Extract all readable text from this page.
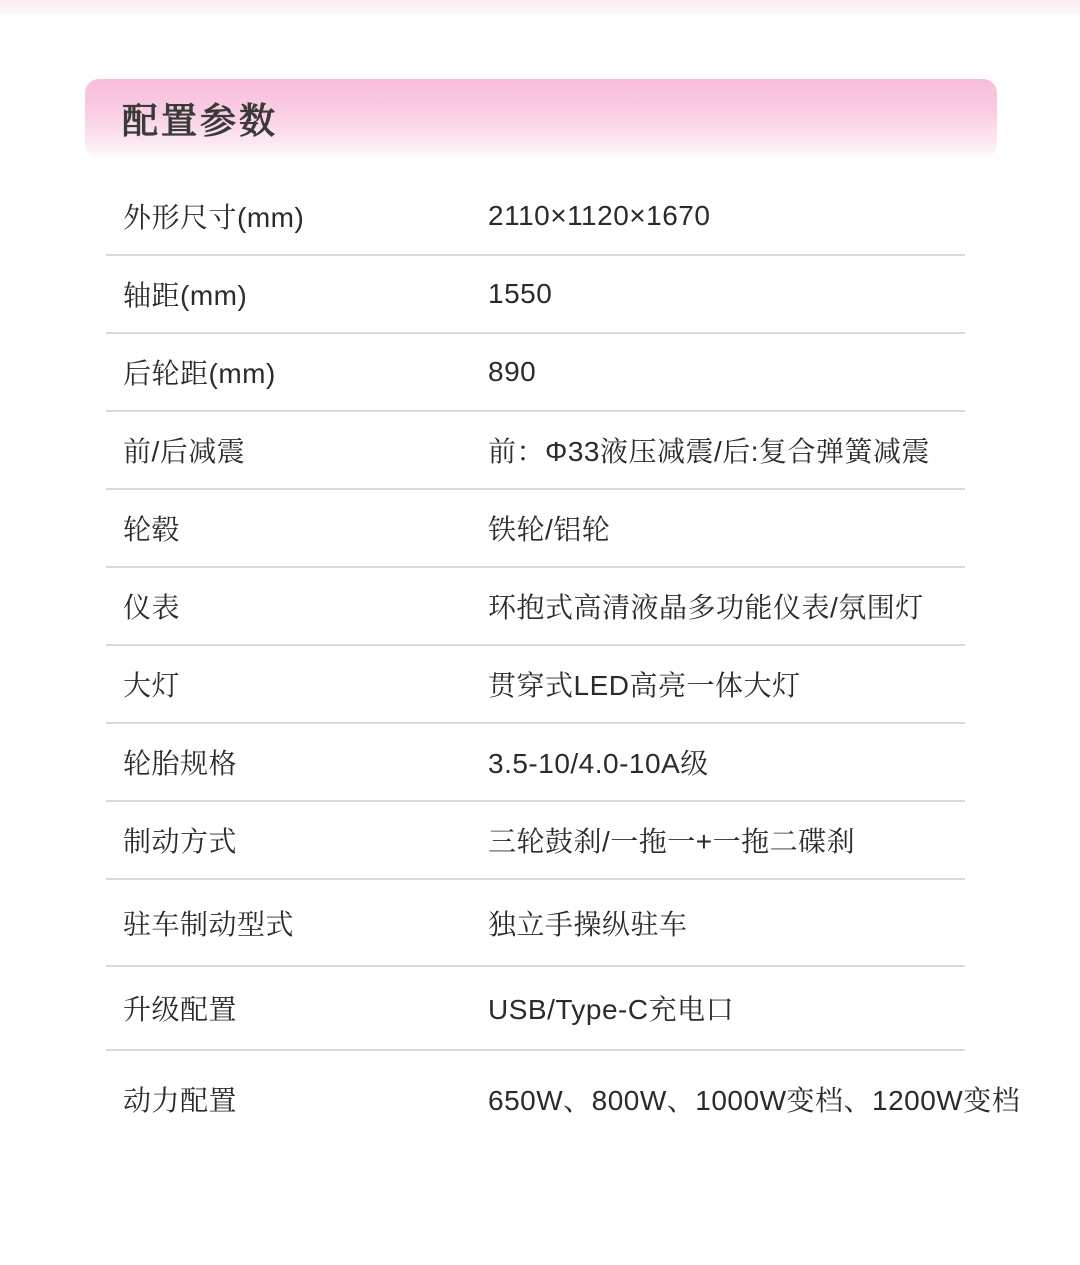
配置参数
外形尺寸(mm)	2110×1120×1670
轴距(mm)	1550
后轮距(mm)	890
前/后减震	前：Φ33液压减震/后:复合弹簧减震
轮毂	铁轮/铝轮
仪表	环抱式高清液晶多功能仪表/氛围灯
大灯	贯穿式LED高亮一体大灯
轮胎规格	3.5-10/4.0-10A级
制动方式	三轮鼓刹/一拖一+一拖二碟刹
驻车制动型式	独立手操纵驻车
升级配置	USB/Type-C充电口
动力配置	650W、800W、1000W变档、1200W变档
